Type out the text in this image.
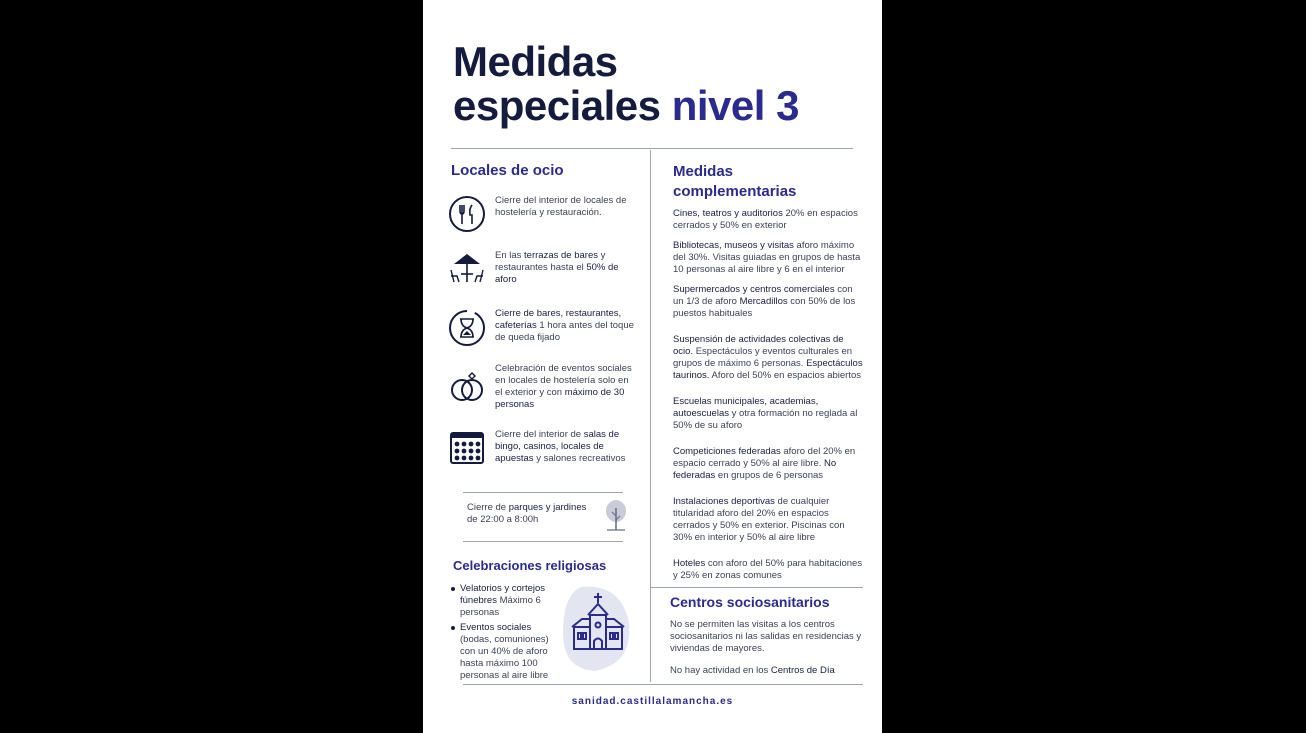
Medidas
especiales nivel 3
Locales de ocio
Cierre del interior de locales de hostelería y restauración.
En las terrazas de bares y restaurantes hasta el 50% de aforo
Cierre de bares, restaurantes, cafeterías 1 hora antes del toque de queda fijado
Celebración de eventos sociales en locales de hostelería solo en el exterior y con máximo de 30 personas
Cierre del interior de salas de bingo, casinos, locales de apuestas y salones recreativos
Cierre de parques y jardines de 22:00 a 8:00h
Celebraciones religiosas
Velatorios y cortejos fúnebres Máximo 6 personas
Eventos sociales (bodas, comuniones) con un 40% de aforo hasta máximo 100 personas al aire libre
Medidas
complementarias

Cines, teatros y auditorios 20% en espacios cerrados y 50% en exterior

Bibliotecas, museos y visitas aforo máximo del 30%. Visitas guiadas en grupos de hasta 10 personas al aire libre y 6 en el interior

Supermercados y centros comerciales con un 1/3 de aforo Mercadillos con 50% de los puestos habituales

Suspensión de actividades colectivas de ocio. Espectáculos y eventos culturales en grupos de máximo 6 personas. Espectáculos taurinos. Aforo del 50% en espacios abiertos

Escuelas municipales, academias, autoescuelas y otra formación no reglada al 50% de su aforo

Competiciones federadas aforo del 20% en espacio cerrado y 50% al aire libre. No federadas en grupos de 6 personas

Instalaciones deportivas de cualquier titularidad aforo del 20% en espacios cerrados y 50% en exterior. Piscinas con 30% en interior y 50% al aire libre

Hoteles con aforo del 50% para habitaciones y 25% en zonas comunes

Centros sociosanitarios

No se permiten las visitas a los centros sociosanitarios ni las salidas en residencias y viviendas de mayores.

No hay actividad en los Centros de Día

sanidad.castillalamancha.es
